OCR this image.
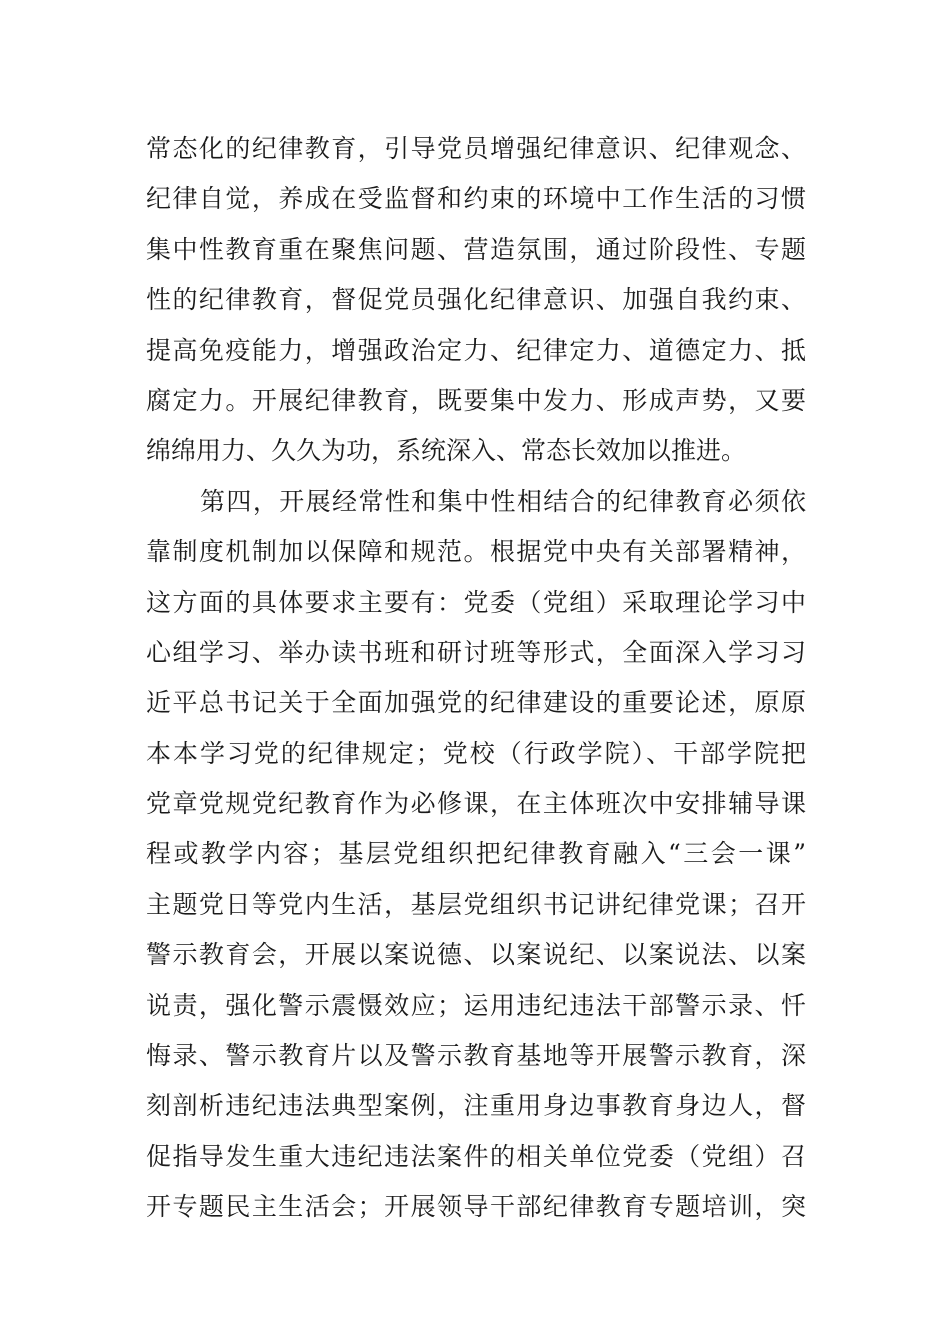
常态化的纪律教育，引导党员增强纪律意识、纪律观念、
纪律自觉，养成在受监督和约束的环境中工作生活的习惯
集中性教育重在聚焦问题、营造氛围，通过阶段性、专题
性的纪律教育，督促党员强化纪律意识、加强自我约束、
提高免疫能力，增强政治定力、纪律定力、道德定力、抵
腐定力。开展纪律教育，既要集中发力、形成声势，又要
绵绵用力、久久为功，系统深入、常态长效加以推进。
第四，开展经常性和集中性相结合的纪律教育必须依
靠制度机制加以保障和规范。根据党中央有关部署精神，
这方面的具体要求主要有：党委（党组）采取理论学习中
心组学习、举办读书班和研讨班等形式，全面深入学习习
近平总书记关于全面加强党的纪律建设的重要论述，原原
本本学习党的纪律规定；党校（行政学院）、干部学院把
党章党规党纪教育作为必修课，在主体班次中安排辅导课
程或教学内容；基层党组织把纪律教育融入“三会一课”
主题党日等党内生活，基层党组织书记讲纪律党课；召开
警示教育会，开展以案说德、以案说纪、以案说法、以案
说责，强化警示震慑效应；运用违纪违法干部警示录、忏
悔录、警示教育片以及警示教育基地等开展警示教育，深
刻剖析违纪违法典型案例，注重用身边事教育身边人，督
促指导发生重大违纪违法案件的相关单位党委（党组）召
开专题民主生活会；开展领导干部纪律教育专题培训，突
